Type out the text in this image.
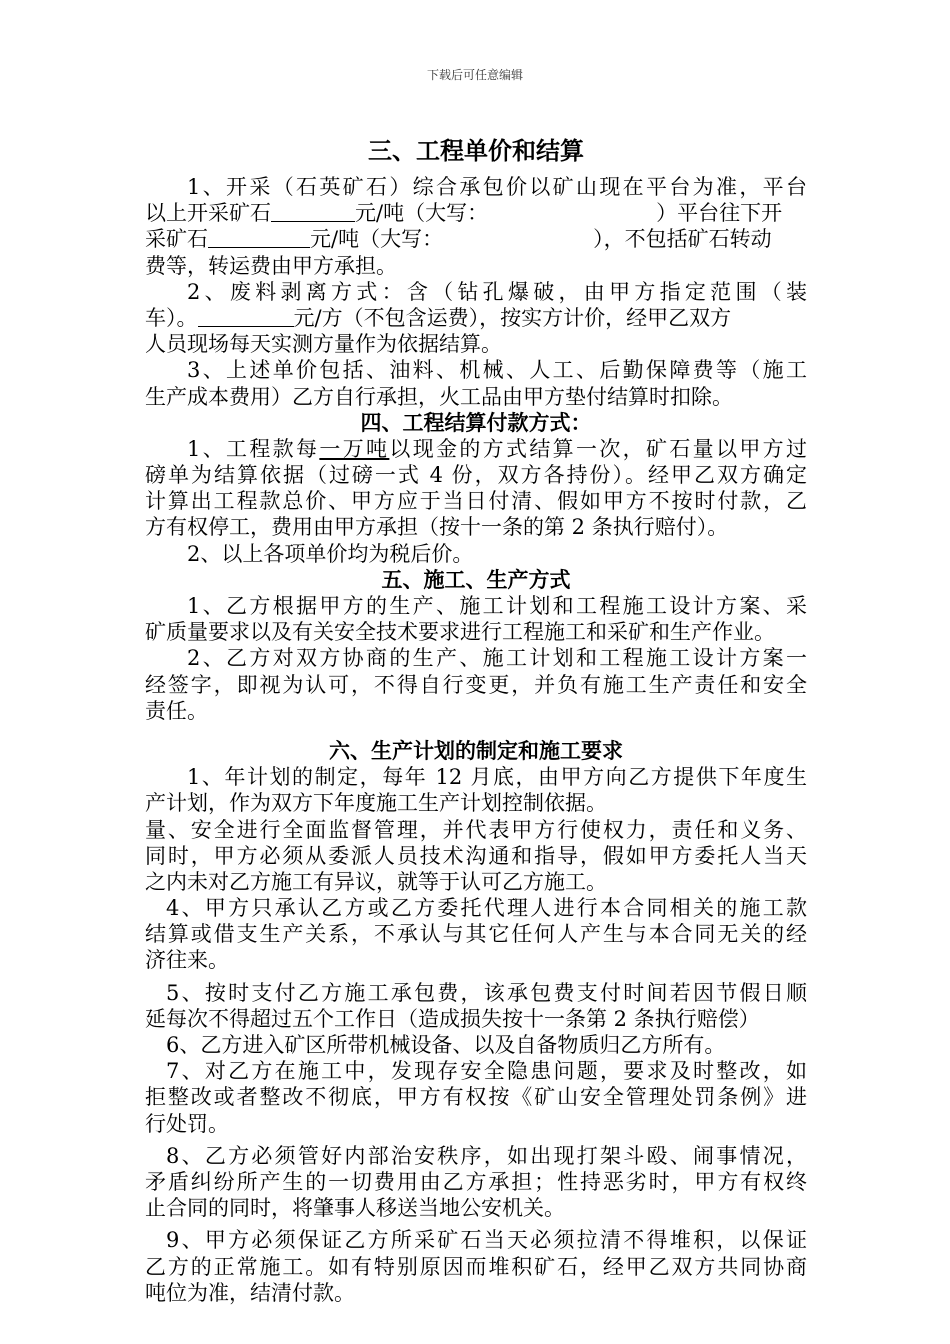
下载后可任意编辑
三、工程单价和结算
1、开采（石英矿石）综合承包价以矿山现在平台为准，平台
以上开采矿石	元/吨（大写：	）平台往下开
采矿石	元/吨（大写：	），不包括矿石转动
费等，转运费由甲方承担。
2、废料剥离方式：含（钻孔爆破，由甲方指定范围（装
车）。	元/方（不包含运费），按实方计价，经甲乙双方
人员现场每天实测方量作为依据结算。
3、上述单价包括、油料、机械、人工、后勤保障费等（施工
生产成本费用）乙方自行承担，火工品由甲方垫付结算时扣除。
四、工程结算付款方式：
1、工程款每一万吨以现金的方式结算一次，矿石量以甲方过
磅单为结算依据（过磅一式 4 份，双方各持份）。经甲乙双方确定
计算出工程款总价、甲方应于当日付清、假如甲方不按时付款，乙
方有权停工，费用由甲方承担（按十一条的第 2 条执行赔付）。
2、以上各项单价均为税后价。
五、施工、生产方式
1、乙方根据甲方的生产、施工计划和工程施工设计方案、采
矿质量要求以及有关安全技术要求进行工程施工和采矿和生产作业。
2、乙方对双方协商的生产、施工计划和工程施工设计方案一
经签字，即视为认可，不得自行变更，并负有施工生产责任和安全
责任。
六、生产计划的制定和施工要求
1、年计划的制定，每年 12 月底，由甲方向乙方提供下年度生
产计划，作为双方下年度施工生产计划控制依据。
量、安全进行全面监督管理，并代表甲方行使权力，责任和义务、
同时，甲方必须从委派人员技术沟通和指导，假如甲方委托人当天
之内未对乙方施工有异议，就等于认可乙方施工。
4、甲方只承认乙方或乙方委托代理人进行本合同相关的施工款
结算或借支生产关系，不承认与其它任何人产生与本合同无关的经
济往来。
5、按时支付乙方施工承包费，该承包费支付时间若因节假日顺
延每次不得超过五个工作日（造成损失按十一条第 2 条执行赔偿）
6、乙方进入矿区所带机械设备、以及自备物质归乙方所有。
7、对乙方在施工中，发现存安全隐患问题，要求及时整改，如
拒整改或者整改不彻底，甲方有权按《矿山安全管理处罚条例》进
行处罚。
8、乙方必须管好内部治安秩序，如出现打架斗殴、闹事情况，
矛盾纠纷所产生的一切费用由乙方承担；性持恶劣时，甲方有权终
止合同的同时，将肇事人移送当地公安机关。
9、甲方必须保证乙方所采矿石当天必须拉清不得堆积，以保证
乙方的正常施工。如有特别原因而堆积矿石，经甲乙双方共同协商
吨位为准，结清付款。
